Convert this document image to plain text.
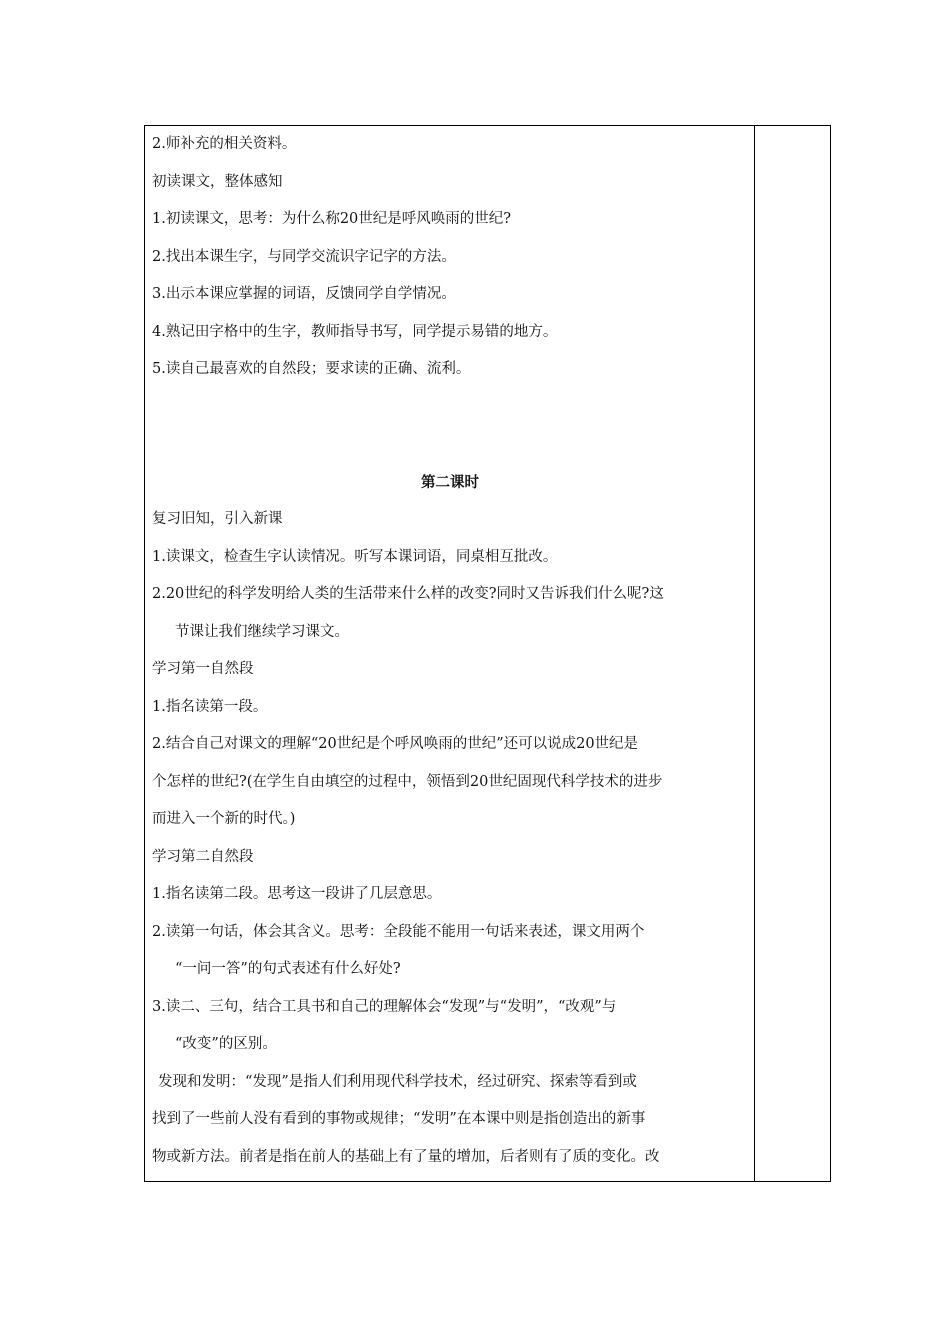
2.师补充的相关资料。

初读课文，整体感知

1.初读课文，思考：为什么称20世纪是呼风唤雨的世纪?

2.找出本课生字，与同学交流识字记字的方法。

3.出示本课应掌握的词语，反馈同学自学情况。

4.熟记田字格中的生字，教师指导书写，同学提示易错的地方。

5.读自己最喜欢的自然段；要求读的正确、流利。

第二课时

复习旧知，引入新课

1.读课文，检查生字认读情况。听写本课词语，同桌相互批改。

2.20世纪的科学发明给人类的生活带来什么样的改变?同时又告诉我们什么呢?这

节课让我们继续学习课文。

学习第一自然段

1.指名读第一段。

2.结合自己对课文的理解“20世纪是个呼风唤雨的世纪”还可以说成20世纪是

个怎样的世纪?(在学生自由填空的过程中，领悟到20世纪固现代科学技术的进步

而进入一个新的时代。)

学习第二自然段

1.指名读第二段。思考这一段讲了几层意思。

2.读第一句话，体会其含义。思考：全段能不能用一句话来表述，课文用两个

“一问一答”的句式表述有什么好处?

3.读二、三句，结合工具书和自己的理解体会“发现”与“发明”，“改观”与

“改变”的区别。

发现和发明：“发现”是指人们利用现代科学技术，经过研究、探索等看到或

找到了一些前人没有看到的事物或规律；“发明”在本课中则是指创造出的新事

物或新方法。前者是指在前人的基础上有了量的增加，后者则有了质的变化。改
